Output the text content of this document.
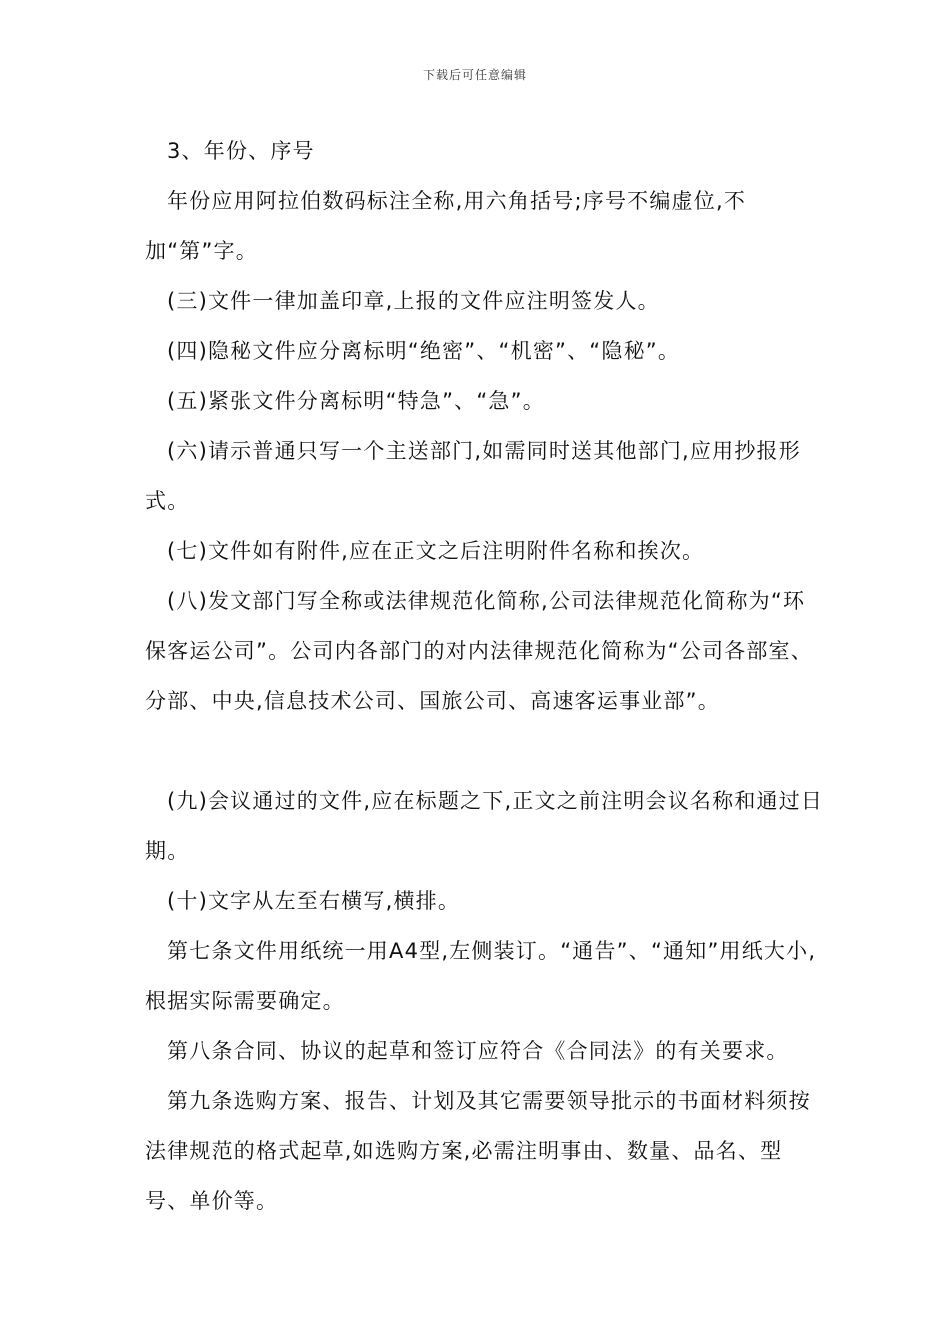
下载后可任意编辑

3、年份、序号

年份应用阿拉伯数码标注全称,用六角括号;序号不编虚位,不加“第”字。

(三)文件一律加盖印章,上报的文件应注明签发人。

(四)隐秘文件应分离标明“绝密”、“机密”、“隐秘”。

(五)紧张文件分离标明“特急”、“急”。

(六)请示普通只写一个主送部门,如需同时送其他部门,应用抄报形式。

(七)文件如有附件,应在正文之后注明附件名称和挨次。

(八)发文部门写全称或法律规范化简称,公司法律规范化简称为“环保客运公司”。公司内各部门的对内法律规范化简称为“公司各部室、分部、中央,信息技术公司、国旅公司、高速客运事业部”。

(九)会议通过的文件,应在标题之下,正文之前注明会议名称和通过日期。

(十)文字从左至右横写,横排。

第七条文件用纸统一用A4型,左侧装订。“通告”、“通知”用纸大小,根据实际需要确定。

第八条合同、协议的起草和签订应符合《合同法》的有关要求。

第九条选购方案、报告、计划及其它需要领导批示的书面材料须按法律规范的格式起草,如选购方案,必需注明事由、数量、品名、型号、单价等。
